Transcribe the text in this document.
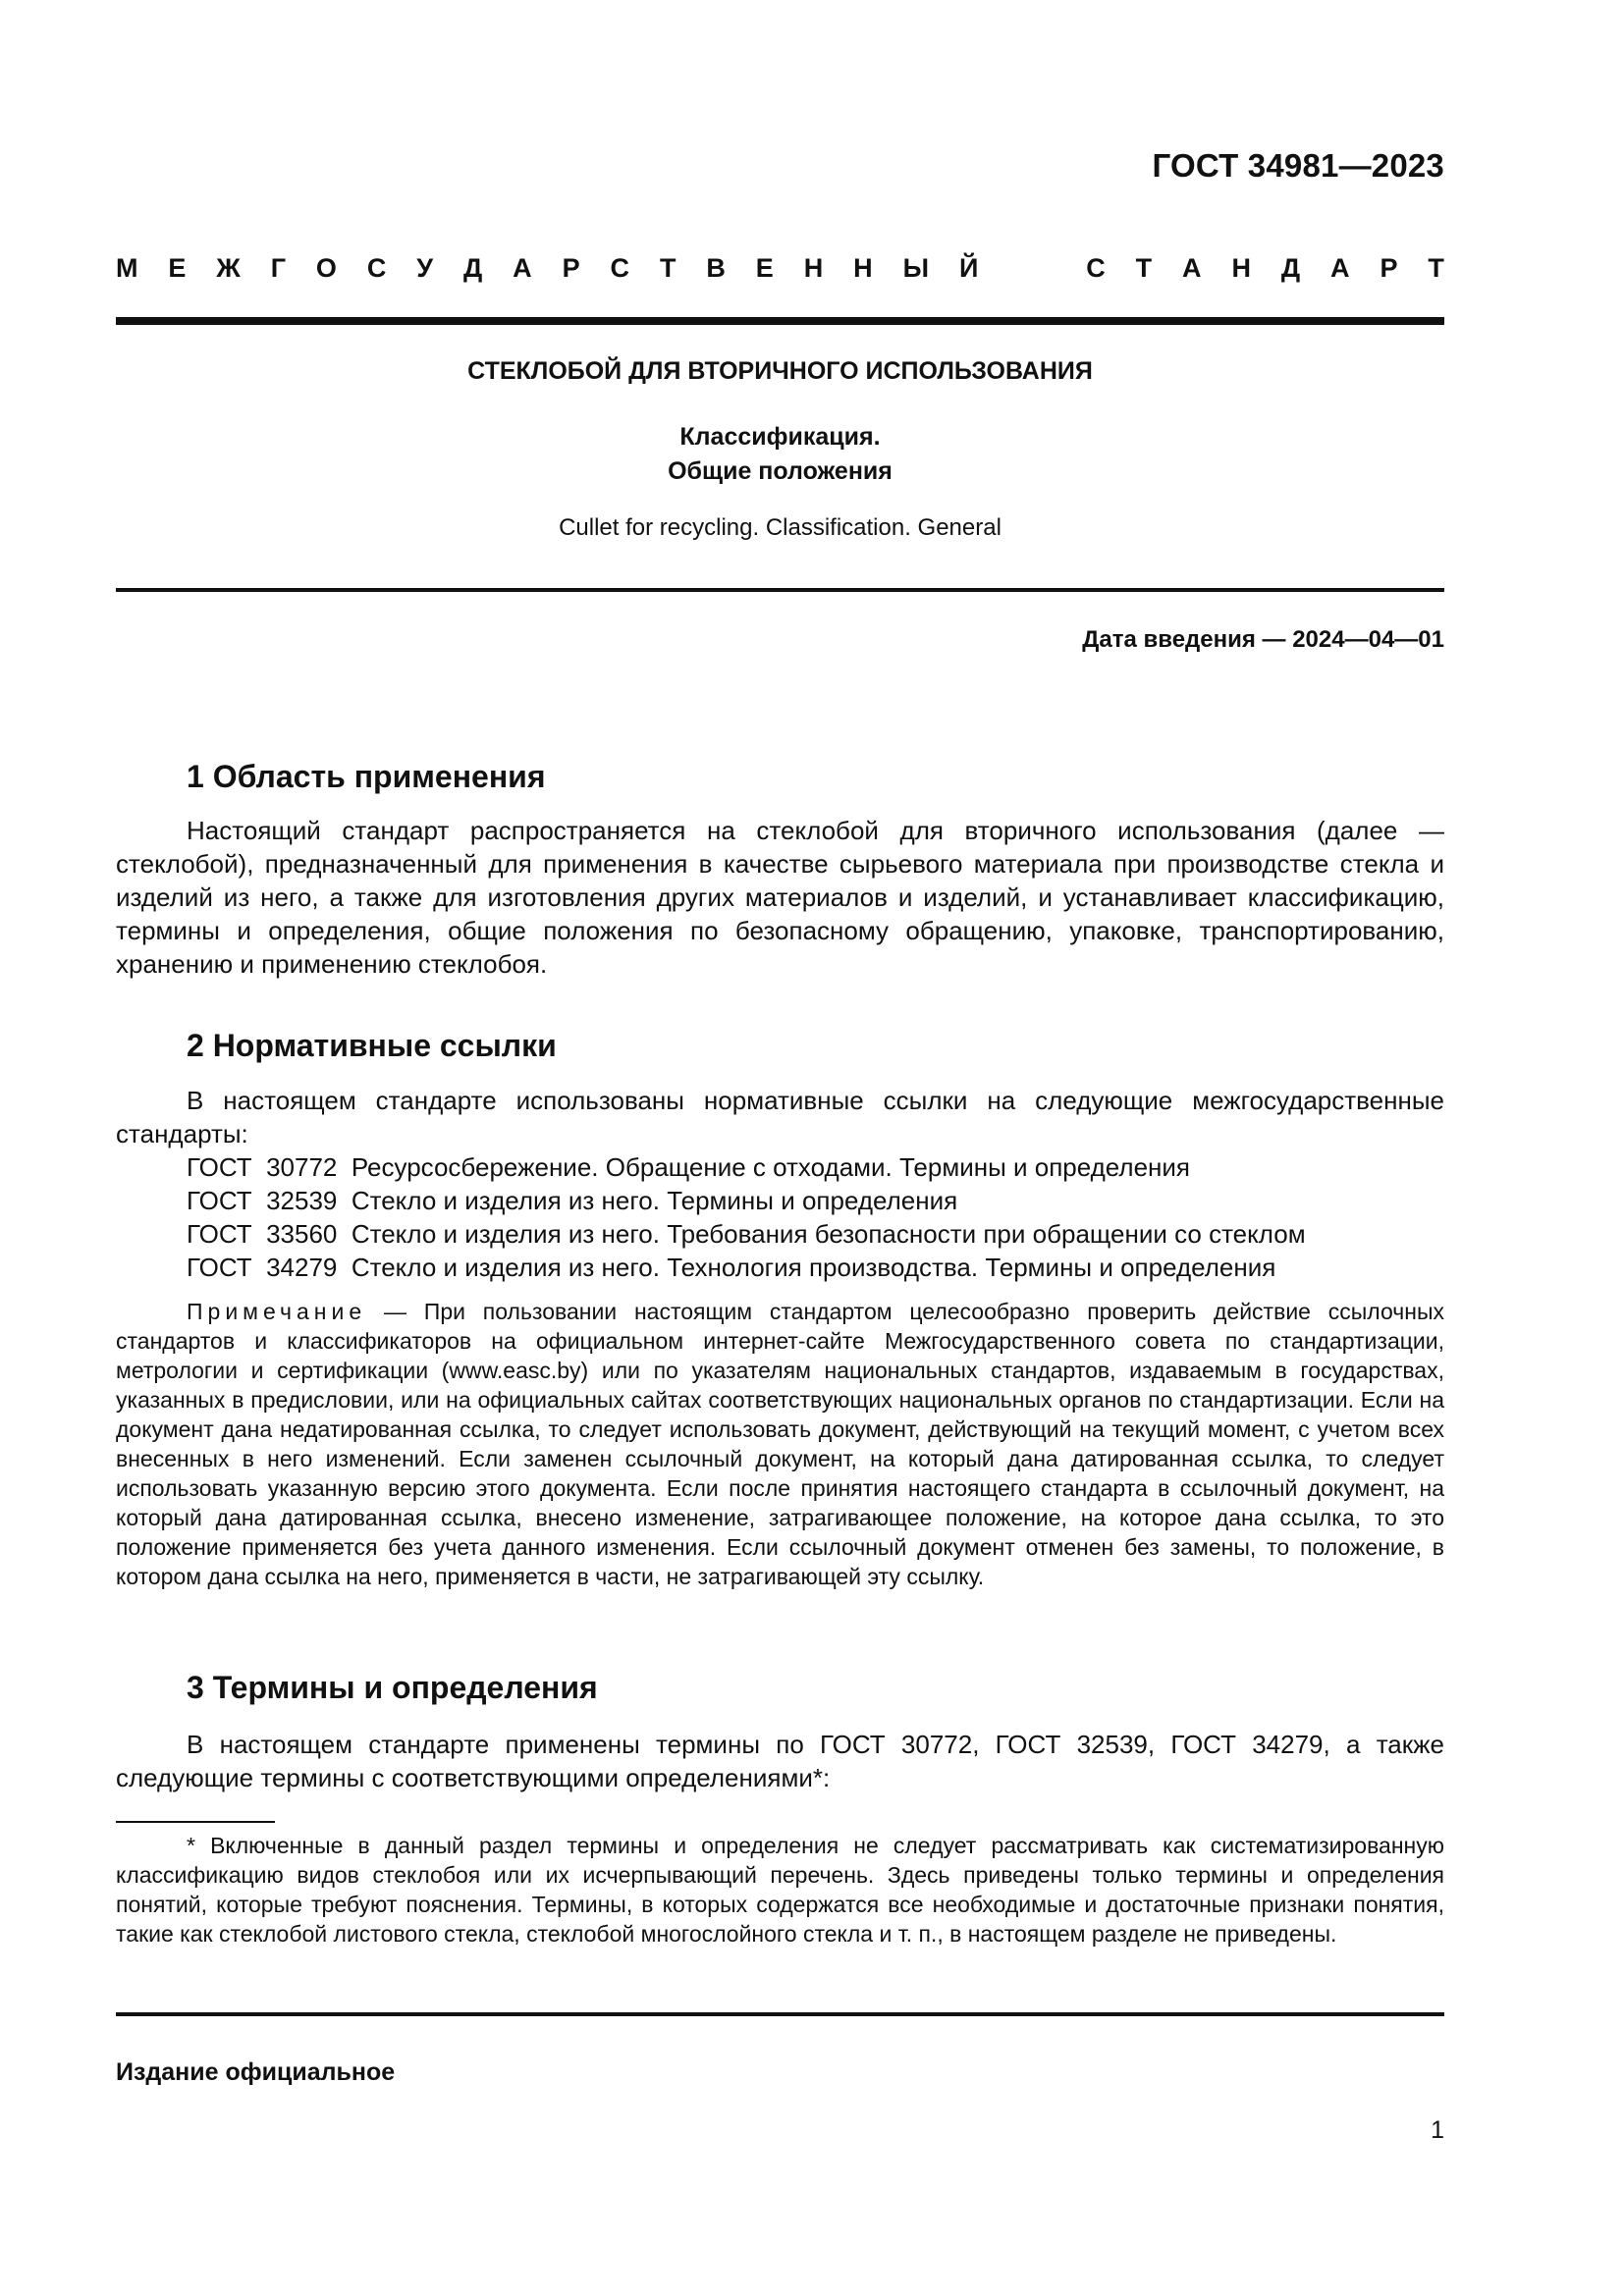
ГОСТ 34981—2023
М Е Ж Г О С У Д А Р С Т В Е Н Н Ы Й	С Т А Н Д А Р Т
СТЕКЛОБОЙ ДЛЯ ВТОРИЧНОГО ИСПОЛЬЗОВАНИЯ
Классификация.
Общие положения
Cullet for recycling. Classification. General
Дата введения — 2024—04—01
1 Область применения
Настоящий стандарт распространяется на стеклобой для вторичного использования (далее — стеклобой), предназначенный для применения в качестве сырьевого материала при производстве стекла и изделий из него, а также для изготовления других материалов и изделий, и устанавливает классификацию, термины и определения, общие положения по безопасному обращению, упаковке, транспортированию, хранению и применению стеклобоя.
2 Нормативные ссылки
В настоящем стандарте использованы нормативные ссылки на следующие межгосударственные стандарты:
ГОСТ  30772  Ресурсосбережение. Обращение с отходами. Термины и определения
ГОСТ  32539  Стекло и изделия из него. Термины и определения
ГОСТ  33560  Стекло и изделия из него. Требования безопасности при обращении со стеклом
ГОСТ  34279  Стекло и изделия из него. Технология производства. Термины и определения
Примечание — При пользовании настоящим стандартом целесообразно проверить действие ссылочных стандартов и классификаторов на официальном интернет-сайте Межгосударственного совета по стандартизации, метрологии и сертификации (www.easc.by) или по указателям национальных стандартов, издаваемым в государствах, указанных в предисловии, или на официальных сайтах соответствующих национальных органов по стандартизации. Если на документ дана недатированная ссылка, то следует использовать документ, действующий на текущий момент, с учетом всех внесенных в него изменений. Если заменен ссылочный документ, на который дана датированная ссылка, то следует использовать указанную версию этого документа. Если после принятия настоящего стандарта в ссылочный документ, на который дана датированная ссылка, внесено изменение, затрагивающее положение, на которое дана ссылка, то это положение применяется без учета данного изменения. Если ссылочный документ отменен без замены, то положение, в котором дана ссылка на него, применяется в части, не затрагивающей эту ссылку.
3 Термины и определения
В настоящем стандарте применены термины по ГОСТ 30772, ГОСТ 32539, ГОСТ 34279, а также следующие термины с соответствующими определениями*:
* Включенные в данный раздел термины и определения не следует рассматривать как систематизированную классификацию видов стеклобоя или их исчерпывающий перечень. Здесь приведены только термины и определения понятий, которые требуют пояснения. Термины, в которых содержатся все необходимые и достаточные признаки понятия, такие как стеклобой листового стекла, стеклобой многослойного стекла и т. п., в настоящем разделе не приведены.
Издание официальное
1
